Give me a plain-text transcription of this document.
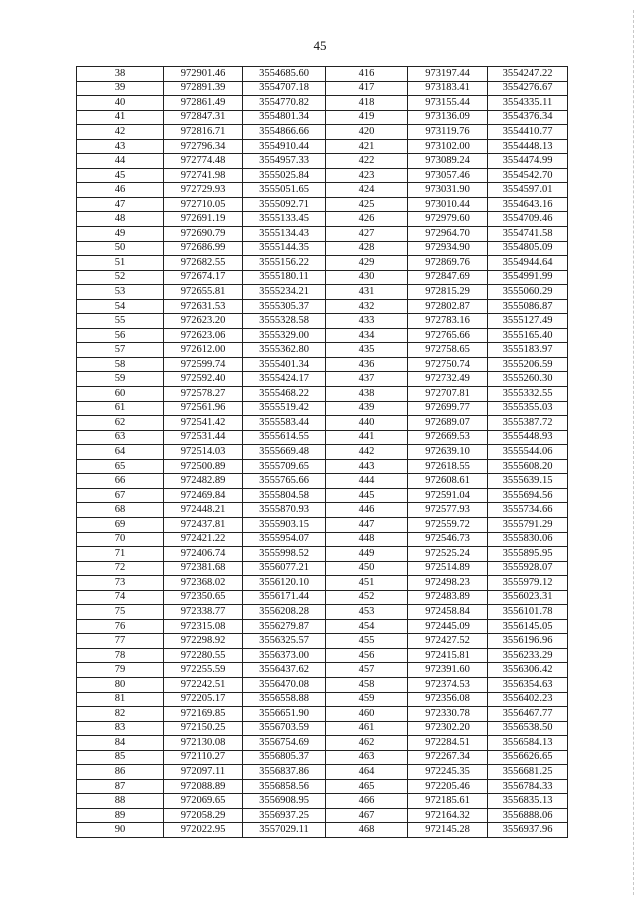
45
38	972901.46	3554685.60	416	973197.44	3554247.22
39	972891.39	3554707.18	417	973183.41	3554276.67
40	972861.49	3554770.82	418	973155.44	3554335.11
41	972847.31	3554801.34	419	973136.09	3554376.34
42	972816.71	3554866.66	420	973119.76	3554410.77
43	972796.34	3554910.44	421	973102.00	3554448.13
44	972774.48	3554957.33	422	973089.24	3554474.99
45	972741.98	3555025.84	423	973057.46	3554542.70
46	972729.93	3555051.65	424	973031.90	3554597.01
47	972710.05	3555092.71	425	973010.44	3554643.16
48	972691.19	3555133.45	426	972979.60	3554709.46
49	972690.79	3555134.43	427	972964.70	3554741.58
50	972686.99	3555144.35	428	972934.90	3554805.09
51	972682.55	3555156.22	429	972869.76	3554944.64
52	972674.17	3555180.11	430	972847.69	3554991.99
53	972655.81	3555234.21	431	972815.29	3555060.29
54	972631.53	3555305.37	432	972802.87	3555086.87
55	972623.20	3555328.58	433	972783.16	3555127.49
56	972623.06	3555329.00	434	972765.66	3555165.40
57	972612.00	3555362.80	435	972758.65	3555183.97
58	972599.74	3555401.34	436	972750.74	3555206.59
59	972592.40	3555424.17	437	972732.49	3555260.30
60	972578.27	3555468.22	438	972707.81	3555332.55
61	972561.96	3555519.42	439	972699.77	3555355.03
62	972541.42	3555583.44	440	972689.07	3555387.72
63	972531.44	3555614.55	441	972669.53	3555448.93
64	972514.03	3555669.48	442	972639.10	3555544.06
65	972500.89	3555709.65	443	972618.55	3555608.20
66	972482.89	3555765.66	444	972608.61	3555639.15
67	972469.84	3555804.58	445	972591.04	3555694.56
68	972448.21	3555870.93	446	972577.93	3555734.66
69	972437.81	3555903.15	447	972559.72	3555791.29
70	972421.22	3555954.07	448	972546.73	3555830.06
71	972406.74	3555998.52	449	972525.24	3555895.95
72	972381.68	3556077.21	450	972514.89	3555928.07
73	972368.02	3556120.10	451	972498.23	3555979.12
74	972350.65	3556171.44	452	972483.89	3556023.31
75	972338.77	3556208.28	453	972458.84	3556101.78
76	972315.08	3556279.87	454	972445.09	3556145.05
77	972298.92	3556325.57	455	972427.52	3556196.96
78	972280.55	3556373.00	456	972415.81	3556233.29
79	972255.59	3556437.62	457	972391.60	3556306.42
80	972242.51	3556470.08	458	972374.53	3556354.63
81	972205.17	3556558.88	459	972356.08	3556402.23
82	972169.85	3556651.90	460	972330.78	3556467.77
83	972150.25	3556703.59	461	972302.20	3556538.50
84	972130.08	3556754.69	462	972284.51	3556584.13
85	972110.27	3556805.37	463	972267.34	3556626.65
86	972097.11	3556837.86	464	972245.35	3556681.25
87	972088.89	3556858.56	465	972205.46	3556784.33
88	972069.65	3556908.95	466	972185.61	3556835.13
89	972058.29	3556937.25	467	972164.32	3556888.06
90	972022.95	3557029.11	468	972145.28	3556937.96
